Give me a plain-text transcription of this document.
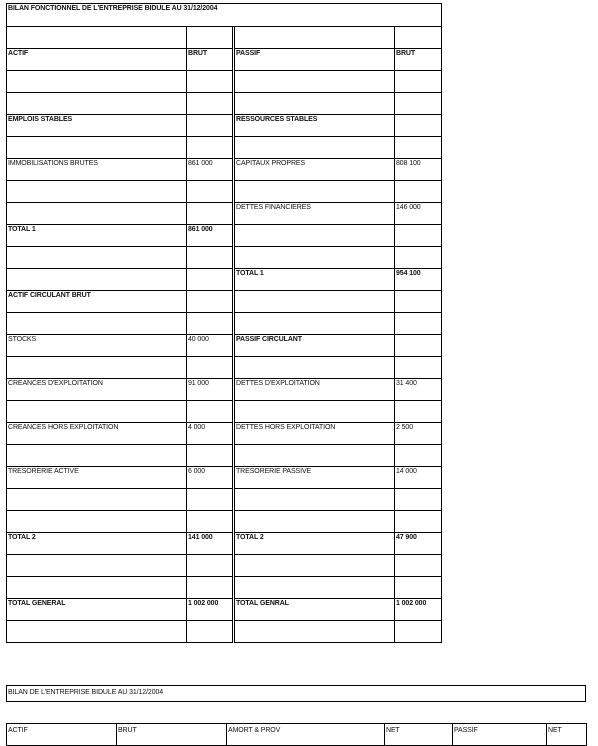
BILAN FONCTIONNEL DE L'ENTREPRISE BIDULE AU 31/12/2004				

ACTIF	BRUT		PASSIF	BRUT

EMPLOIS STABLES			RESSOURCES STABLES	

IMMOBILISATIONS BRUTES	861 000		CAPITAUX PROPRES	808 100

			DETTES FINANCIERES	146 000
TOTAL 1	861 000			

			TOTAL 1	954 100
ACTIF CIRCULANT BRUT				

STOCKS	40 000		PASSIF CIRCULANT	

CREANCES D'EXPLOITATION	91 000		DETTES D'EXPLOITATION	31 400

CREANCES HORS EXPLOITATION	4 000		DETTES HORS EXPLOITATION	2 500

TRESORERIE ACTIVE	6 000		TRESORERIE PASSIVE	14 000

TOTAL 2	141 000		TOTAL 2	47 900

TOTAL GENERAL	1 002 000		TOTAL GENRAL	1 002 000

BILAN DE L'ENTREPRISE BIDULE AU 31/12/2004
ACTIF	BRUT	AMORT & PROV	NET	PASSIF	NET
